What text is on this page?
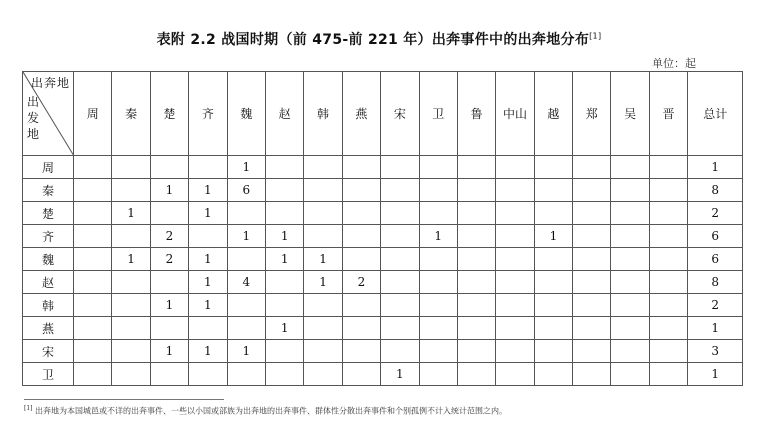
表附 2.2 战国时期（前 475-前 221 年）出奔事件中的出奔地分布[1]
单位：起
出奔地
出发地	周	秦	楚	齐	魏	赵	韩	燕	宋	卫	鲁	中山	越	郑	吴	晋	总计
周					1												1
秦			1	1	6												8
楚		1		1													2
齐			2		1	1				1			1				6
魏		1	2	1		1	1										6
赵				1	4		1	2									8
韩			1	1													2
燕						1											1
宋			1	1	1												3
卫									1								1
[1] 出奔地为本国城邑或不详的出奔事件、一些以小国或部族为出奔地的出奔事件、群体性分散出奔事件和个别孤例不计入统计范围之内。
